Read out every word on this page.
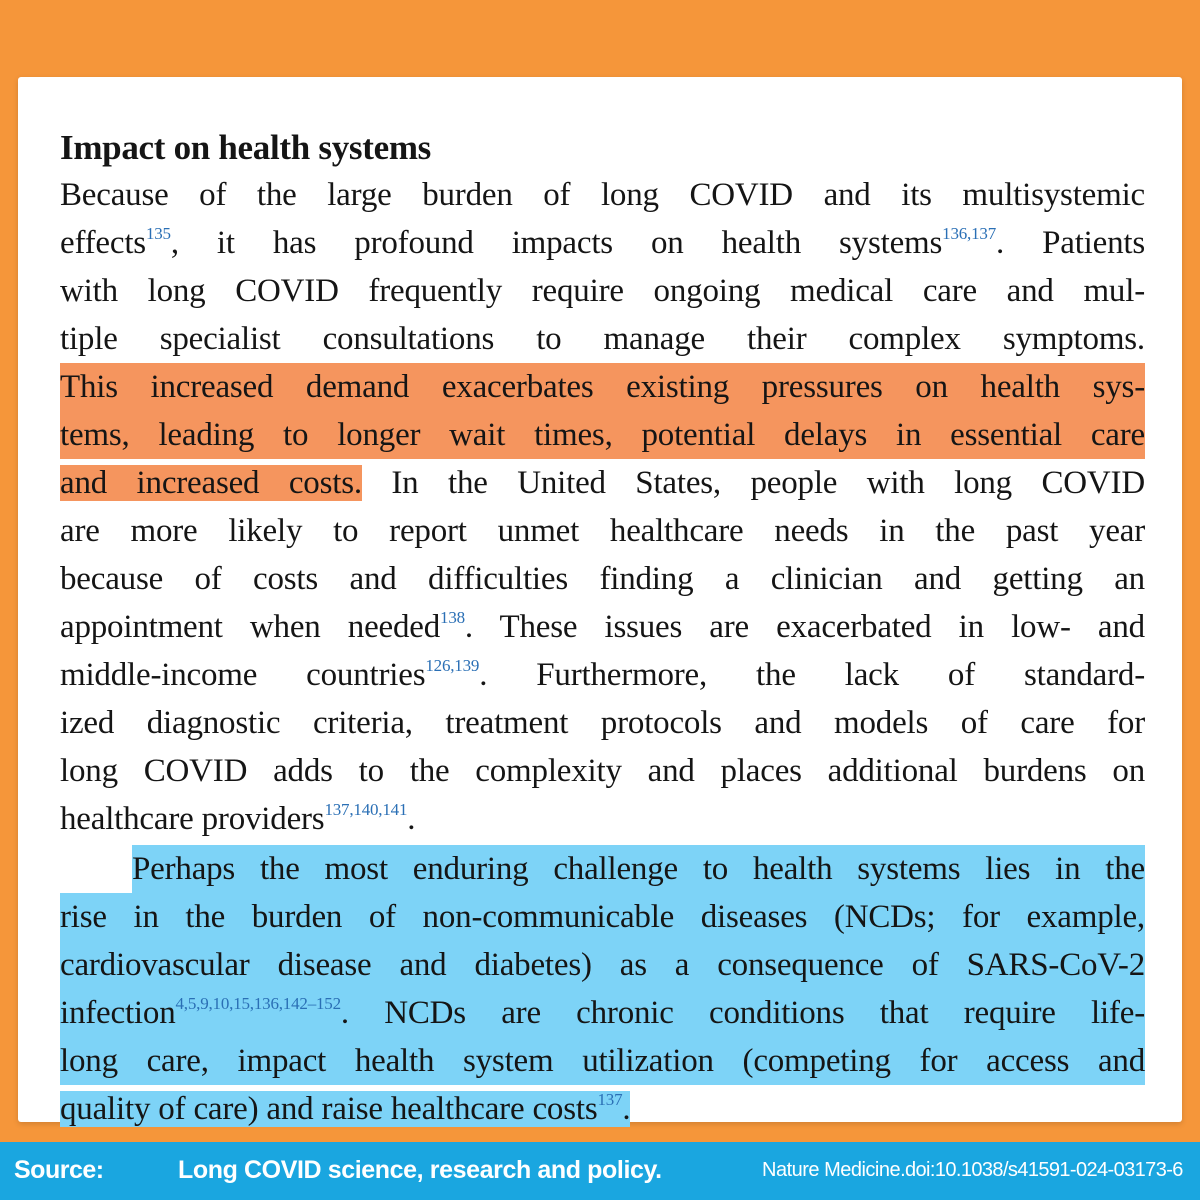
Impact on health systems
Because of the large burden of long COVID and its multisystemic
effects$^{135}$, it has profound impacts on health systems$^{136,137}$. Patients
with long COVID frequently require ongoing medical care and mul-
tiple specialist consultations to manage their complex symptoms.
This increased demand exacerbates existing pressures on health sys-
tems, leading to longer wait times, potential delays in essential care
and increased costs. In the United States, people with long COVID
are more likely to report unmet healthcare needs in the past year
because of costs and difficulties finding a clinician and getting an
appointment when needed$^{138}$. These issues are exacerbated in low- and
middle-income countries$^{126,139}$. Furthermore, the lack of standard-
ized diagnostic criteria, treatment protocols and models of care for
long COVID adds to the complexity and places additional burdens on
healthcare providers$^{137,140,141}$.
Perhaps the most enduring challenge to health systems lies in the
rise in the burden of non-communicable diseases (NCDs; for example,
cardiovascular disease and diabetes) as a consequence of SARS-CoV-2
infection$^{4,5,9,10,15,136,142-152}$. NCDs are chronic conditions that require life-
long care, impact health system utilization (competing for access and
quality of care) and raise healthcare costs$^{137}$.
Source:	Long COVID science, research and policy.	Nature Medicine. doi:10.1038/s41591-024-03173-6
